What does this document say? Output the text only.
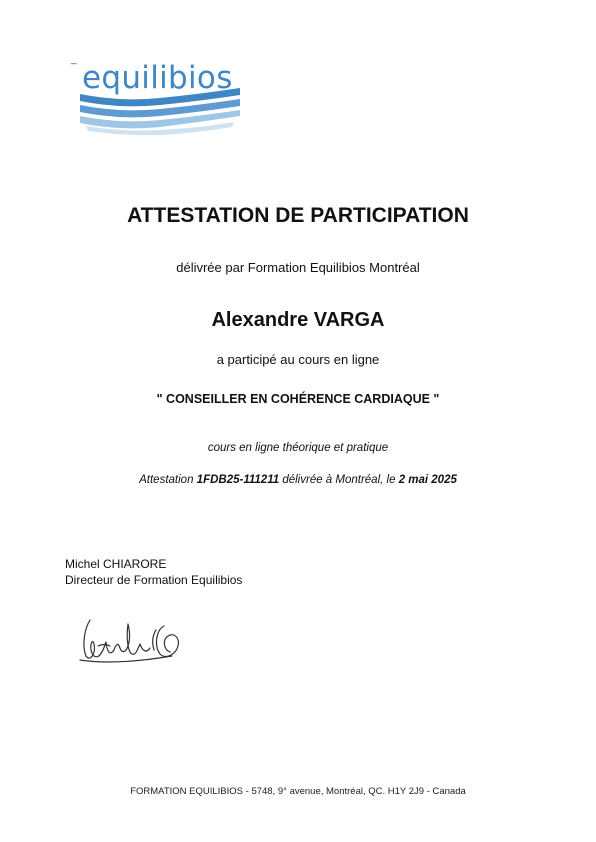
_
equilibios
ATTESTATION DE PARTICIPATION
délivrée par Formation Equilibios Montréal
Alexandre VARGA
a participé au cours en ligne
" CONSEILLER EN COHÉRENCE CARDIAQUE "
cours en ligne théorique et pratique
Attestation 1FDB25-111211 délivrée à Montréal, le 2 mai 2025
Michel CHIARORE
Directeur de Formation Equilibios
FORMATION EQUILIBIOS - 5748, 9° avenue, Montréal, QC. H1Y 2J9 - Canada
